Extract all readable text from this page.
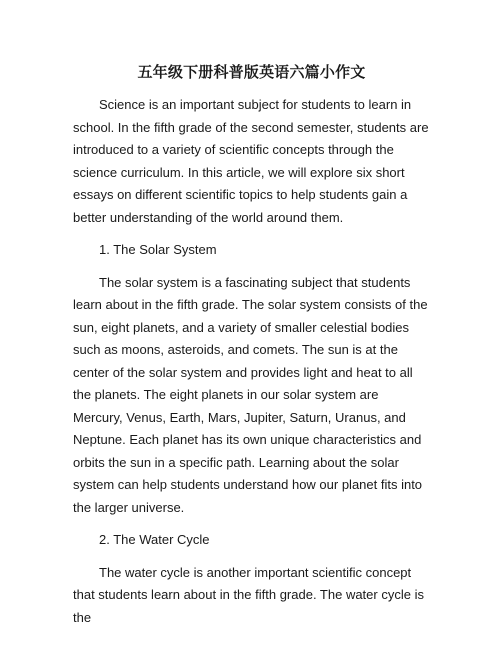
五年级下册科普版英语六篇小作文

Science is an important subject for students to learn in school. In the fifth grade of the second semester, students are introduced to a variety of scientific concepts through the science curriculum. In this article, we will explore six short essays on different scientific topics to help students gain a better understanding of the world around them.

1. The Solar System

The solar system is a fascinating subject that students learn about in the fifth grade. The solar system consists of the sun, eight planets, and a variety of smaller celestial bodies such as moons, asteroids, and comets. The sun is at the center of the solar system and provides light and heat to all the planets. The eight planets in our solar system are Mercury, Venus, Earth, Mars, Jupiter, Saturn, Uranus, and Neptune. Each planet has its own unique characteristics and orbits the sun in a specific path. Learning about the solar system can help students understand how our planet fits into the larger universe.

2. The Water Cycle

The water cycle is another important scientific concept that students learn about in the fifth grade. The water cycle is the
